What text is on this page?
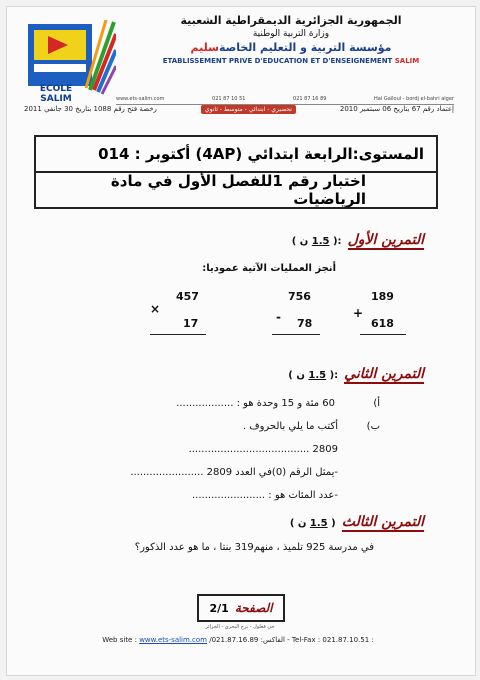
ECOLE SALIM
الجمهورية الجزائرية الديمقراطية الشعبية
وزارة التربية الوطنية
مؤسسة التربية و التعليم الخاصةسليم
ETABLISSEMENT PRIVE D'EDUCATION ET D'ENSEIGNEMENT SALIM
www.ets-salim.com	021 87 10 51	021 87 16 89	Hai Gaïloul - bordj el-bahri alger
إعتماد رقم 67 بتاريخ 06 سبتمبر 2010
تحضيري - ابتدائي - متوسط - ثانوي
رخصة فتح رقم 1088 بتاريخ 30 جانفي 2011
المستوى:الرابعة ابتدائي (4AP) أكتوبر : 014
اختبار رقم 1للفصل الأول في مادة الرياضيات
التمرين الأول
:( 1.5 ن )
أنجز العمليات الآتية عموديا:
189
+
618
756
- 78
457
×
17
التمرين الثاني
:( 1.5 ن )
أ)
60 مئة و 15 وحدة هو : ..................
ب)
أكتب ما يلي بالحروف .
2809 ......................................
-يمثل الرقم (0)في العدد 2809 .......................
-عدد المئات هو : .......................
التمرين الثالث
( 1.5 ن )
في مدرسة 925 تلميذ ، منهم319 بنتا ، ما هو عدد الذكور؟
الصفحة
2/1
حي قعلول - برج البحري - الجزائر
Web site : www.ets-salim.com /021.87.16.89 :الفاكس - Tel-Fax : 021.87.10.51 :
